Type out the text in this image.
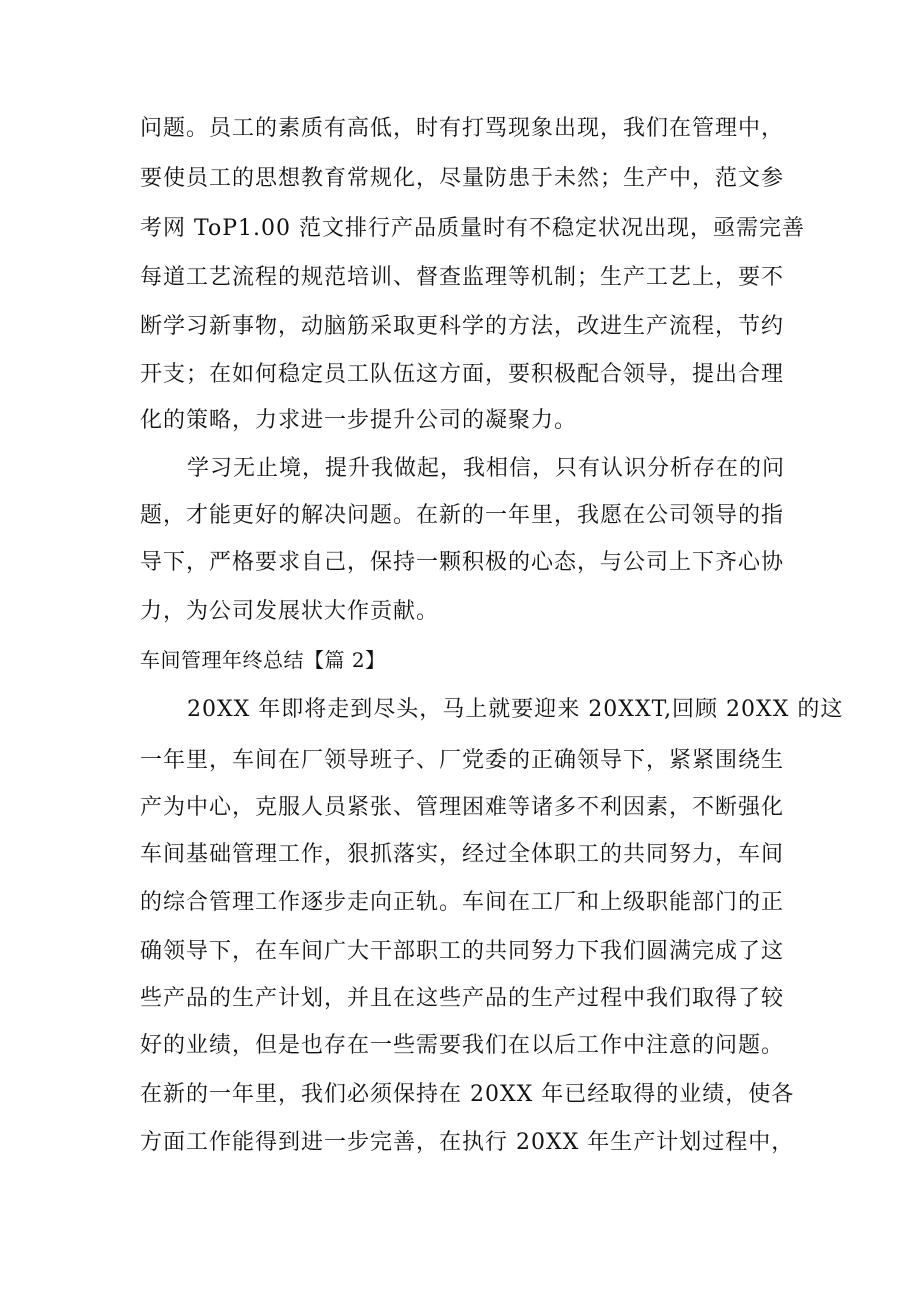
问题。员工的素质有高低，时有打骂现象出现，我们在管理中，
要使员工的思想教育常规化，尽量防患于未然；生产中，范文参
考网 ToP1.00 范文排行产品质量时有不稳定状况出现，亟需完善
每道工艺流程的规范培训、督查监理等机制；生产工艺上，要不
断学习新事物，动脑筋采取更科学的方法，改进生产流程，节约
开支；在如何稳定员工队伍这方面，要积极配合领导，提出合理
化的策略，力求进一步提升公司的凝聚力。
学习无止境，提升我做起，我相信，只有认识分析存在的问
题，才能更好的解决问题。在新的一年里，我愿在公司领导的指
导下，严格要求自己，保持一颗积极的心态，与公司上下齐心协
力，为公司发展状大作贡献。
车间管理年终总结【篇 2】
20XX 年即将走到尽头，马上就要迎来 20XXT,回顾 20XX 的这
一年里，车间在厂领导班子、厂党委的正确领导下，紧紧围绕生
产为中心，克服人员紧张、管理困难等诸多不利因素，不断强化
车间基础管理工作，狠抓落实，经过全体职工的共同努力，车间
的综合管理工作逐步走向正轨。车间在工厂和上级职能部门的正
确领导下，在车间广大干部职工的共同努力下我们圆满完成了这
些产品的生产计划，并且在这些产品的生产过程中我们取得了较
好的业绩，但是也存在一些需要我们在以后工作中注意的问题。
在新的一年里，我们必须保持在 20XX 年已经取得的业绩，使各
方面工作能得到进一步完善，在执行 20XX 年生产计划过程中，
